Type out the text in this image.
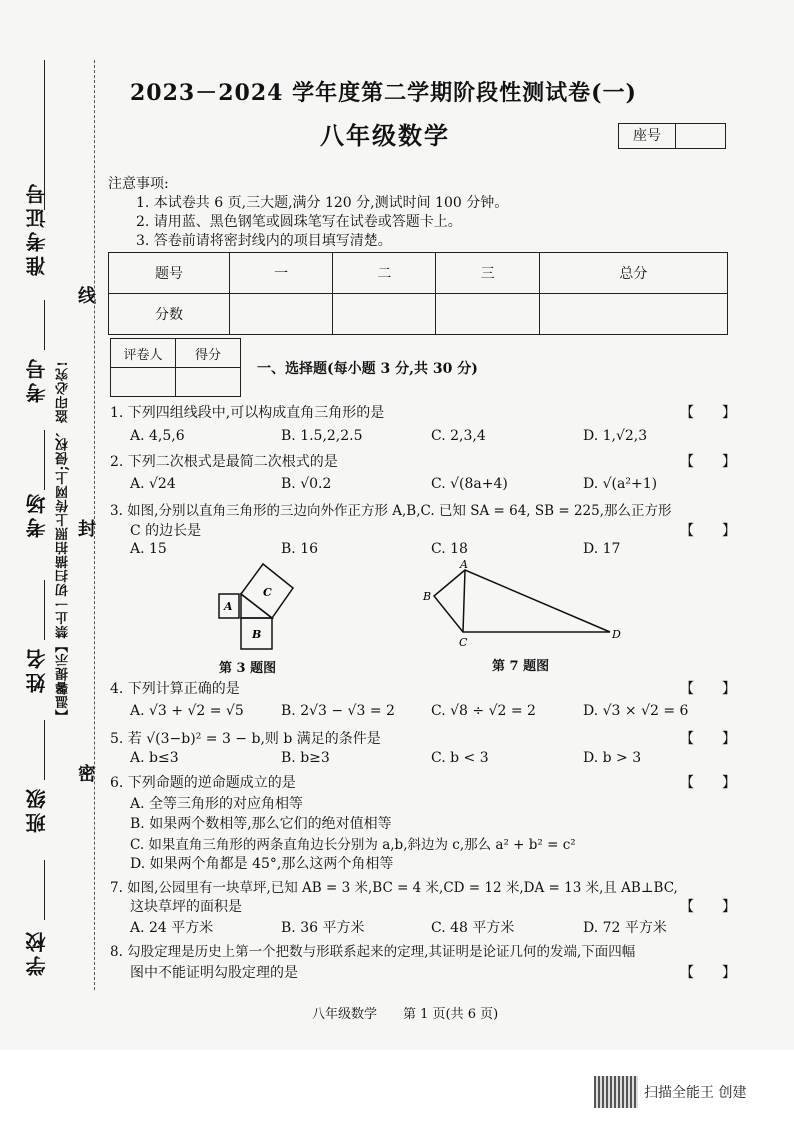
准考证号
考号
考场
姓名
班级
学校
【温馨提示】禁止一切扫描拍照上传网上;侵权、盗印必究!
线
封
密
2023－2024 学年度第二学期阶段性测试卷(一)
八年级数学	座号
注意事项:
1. 本试卷共 6 页,三大题,满分 120 分,测试时间 100 分钟。
2. 请用蓝、黑色钢笔或圆珠笔写在试卷或答题卡上。
3. 答卷前请将密封线内的项目填写清楚。
题号	一	二	三	总分
分数				
评卷人	得分

一、选择题(每小题 3 分,共 30 分)
1. 下列四组线段中,可以构成直角三角形的是	【　　】
A. 4,5,6	B. 1.5,2,2.5	C. 2,3,4	D. 1,√2,3
2. 下列二次根式是最简二次根式的是	【　　】
A. √24	B. √0.2	C. √(8a+4)	D. √(a²+1)
3. 如图,分别以直角三角形的三边向外作正方形 A,B,C. 已知 SA = 64, SB = 225,那么正方形
C 的边长是	【　　】
A. 15	B. 16	C. 18	D. 17
A
B
C
第 3 题图
A
B
C
D
第 7 题图
4. 下列计算正确的是	【　　】
A. √3 + √2 = √5	B. 2√3 − √3 = 2	C. √8 ÷ √2 = 2	D. √3 × √2 = 6
5. 若 √(3−b)² = 3 − b,则 b 满足的条件是	【　　】
A. b≤3	B. b≥3	C. b < 3	D. b > 3
6. 下列命题的逆命题成立的是	【　　】
A. 全等三角形的对应角相等
B. 如果两个数相等,那么它们的绝对值相等
C. 如果直角三角形的两条直角边长分别为 a,b,斜边为 c,那么 a² + b² = c²
D. 如果两个角都是 45°,那么这两个角相等
7. 如图,公园里有一块草坪,已知 AB = 3 米,BC = 4 米,CD = 12 米,DA = 13 米,且 AB⊥BC,
这块草坪的面积是	【　　】
A. 24 平方米	B. 36 平方米	C. 48 平方米	D. 72 平方米
8. 勾股定理是历史上第一个把数与形联系起来的定理,其证明是论证几何的发端,下面四幅
图中不能证明勾股定理的是	【　　】
八年级数学　　第 1 页(共 6 页)
扫描全能王 创建
